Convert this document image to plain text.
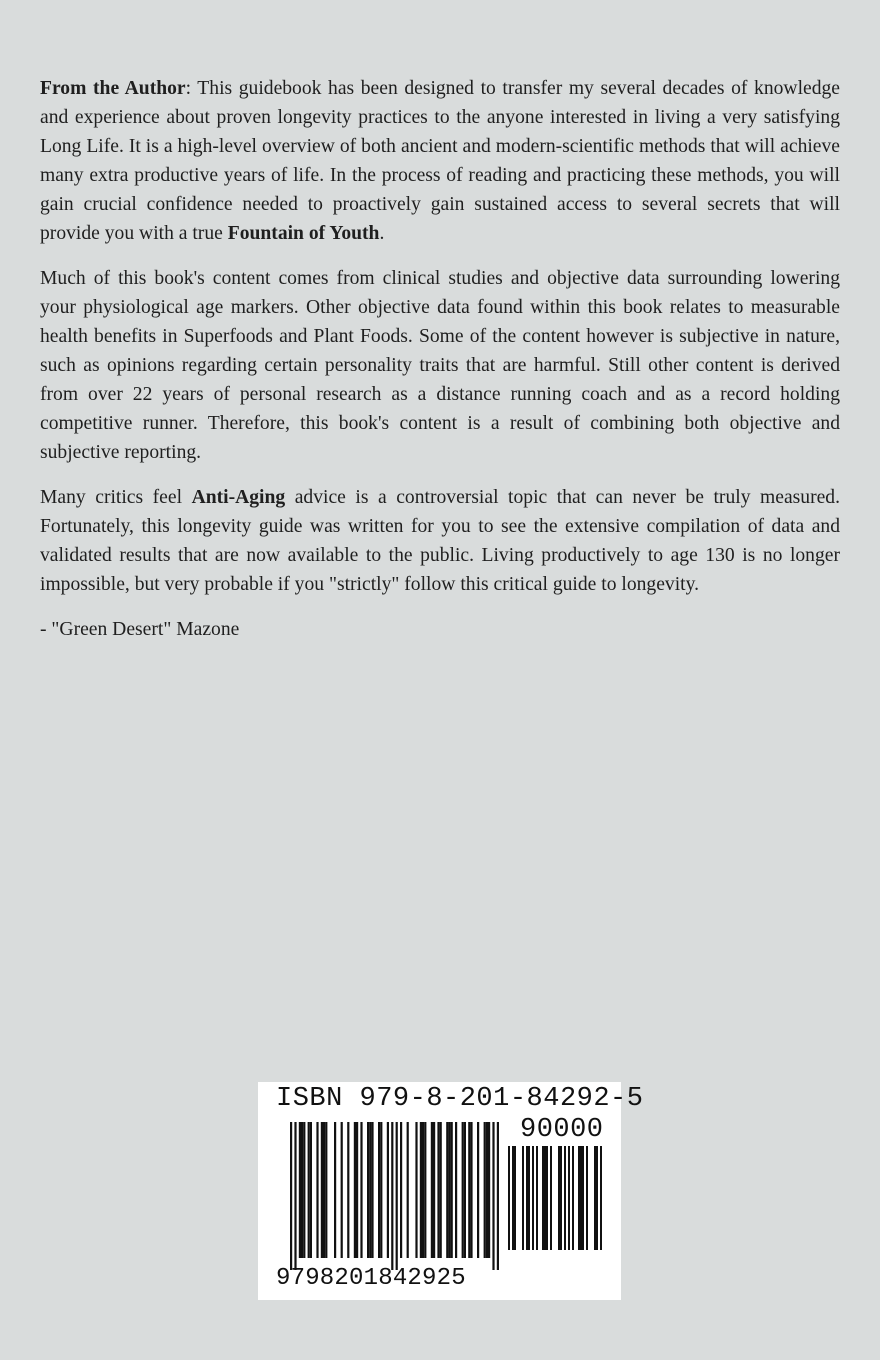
From the Author: This guidebook has been designed to transfer my several decades of knowledge and experience about proven longevity practices to the anyone interested in living a very satisfying Long Life. It is a high-level overview of both ancient and modern-scientific methods that will achieve many extra productive years of life. In the process of reading and practicing these methods, you will gain crucial confidence needed to proactively gain sustained access to several secrets that will provide you with a true Fountain of Youth.

Much of this book's content comes from clinical studies and objective data surrounding lowering your physiological age markers. Other objective data found within this book relates to measurable health benefits in Superfoods and Plant Foods. Some of the content however is subjective in nature, such as opinions regarding certain personality traits that are harmful. Still other content is derived from over 22 years of personal research as a distance running coach and as a record holding competitive runner. Therefore, this book's content is a result of combining both objective and subjective reporting.

Many critics feel Anti-Aging advice is a controversial topic that can never be truly measured. Fortunately, this longevity guide was written for you to see the extensive compilation of data and validated results that are now available to the public. Living productively to age 130 is no longer impossible, but very probable if you "strictly" follow this critical guide to longevity.

- "Green Desert" Mazone

ISBN 979-8-201-84292-5
90000
9798201842925
